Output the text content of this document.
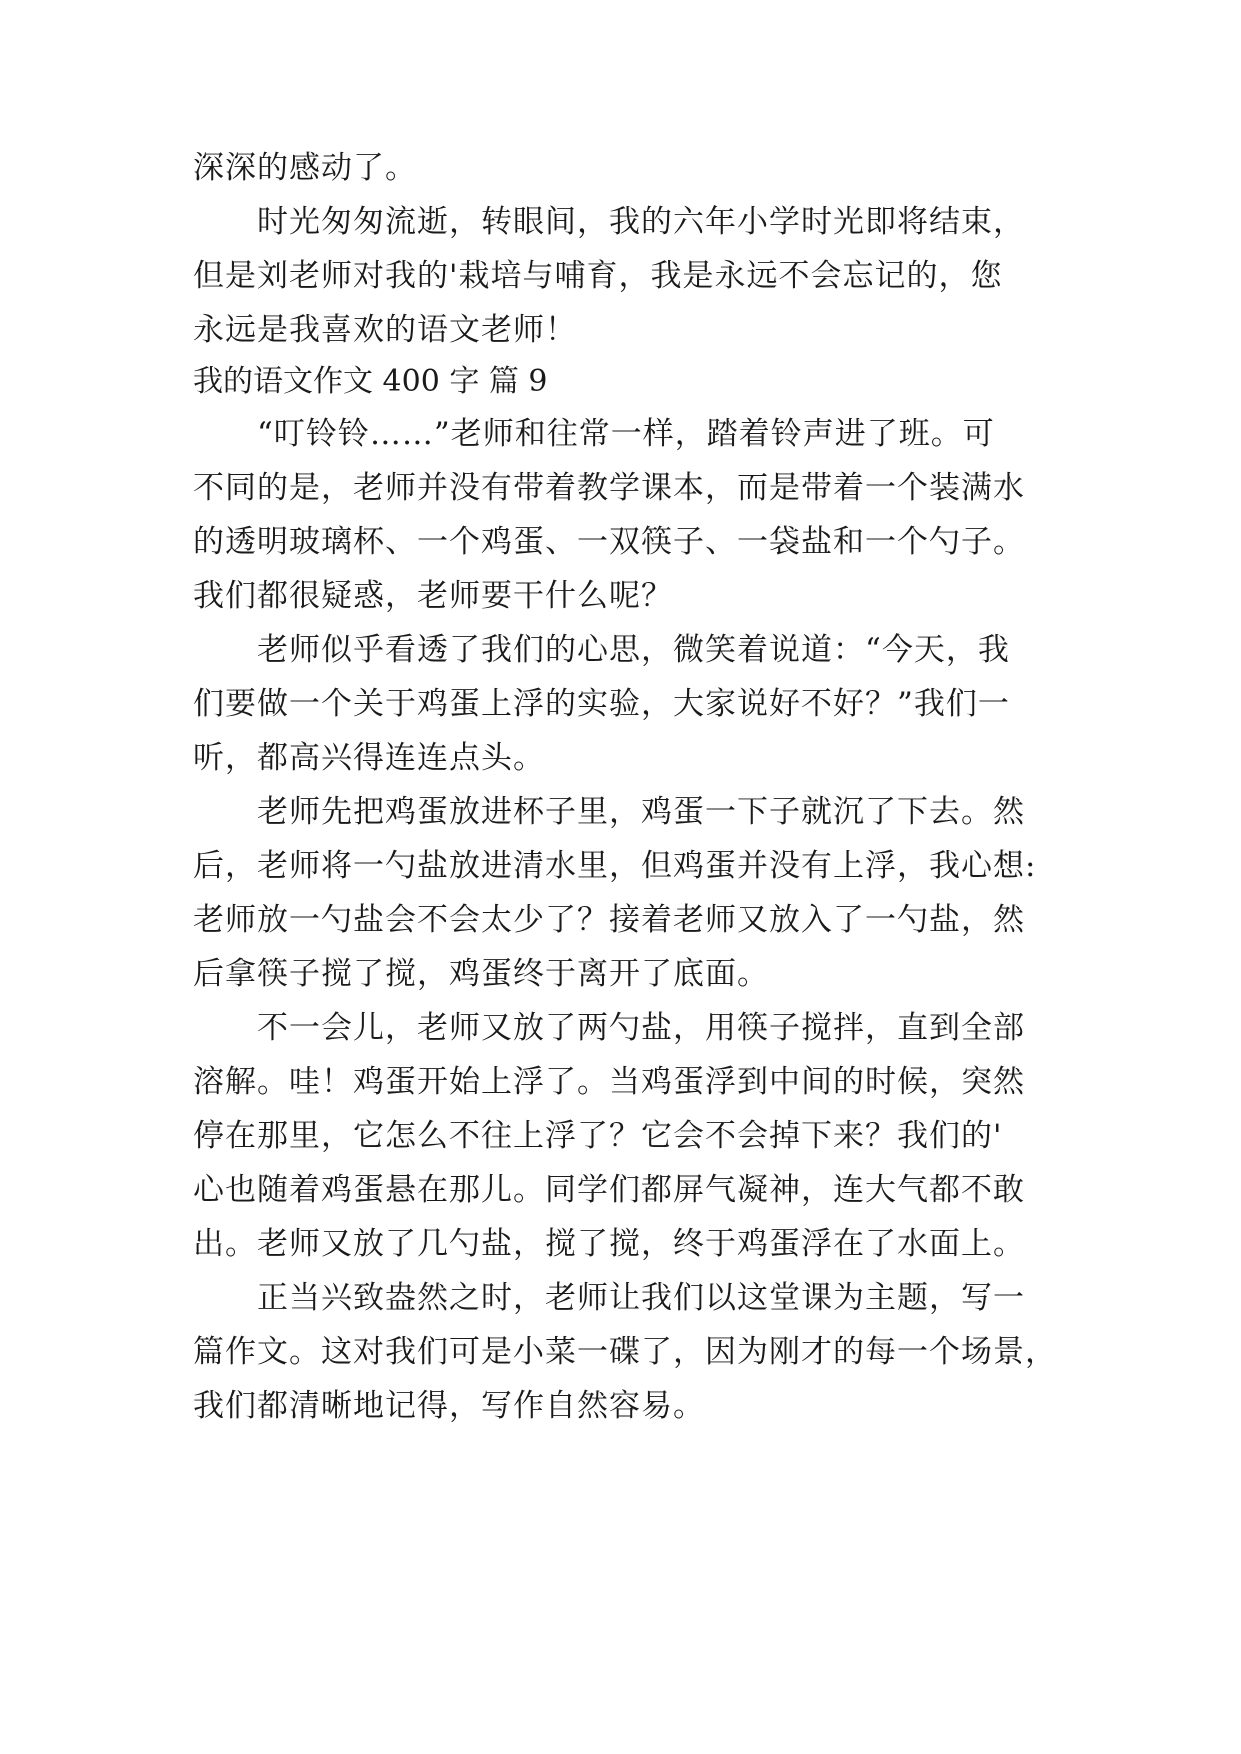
深深的感动了。
时光匆匆流逝，转眼间，我的六年小学时光即将结束，
但是刘老师对我的'栽培与哺育，我是永远不会忘记的，您
永远是我喜欢的语文老师！
我的语文作文 400 字 篇 9
“叮铃铃……”老师和往常一样，踏着铃声进了班。可
不同的是，老师并没有带着教学课本，而是带着一个装满水
的透明玻璃杯、一个鸡蛋、一双筷子、一袋盐和一个勺子。
我们都很疑惑，老师要干什么呢？
老师似乎看透了我们的心思，微笑着说道：“今天，我
们要做一个关于鸡蛋上浮的实验，大家说好不好？”我们一
听，都高兴得连连点头。
老师先把鸡蛋放进杯子里，鸡蛋一下子就沉了下去。然
后，老师将一勺盐放进清水里，但鸡蛋并没有上浮，我心想:
老师放一勺盐会不会太少了？接着老师又放入了一勺盐，然
后拿筷子搅了搅，鸡蛋终于离开了底面。
不一会儿，老师又放了两勺盐，用筷子搅拌，直到全部
溶解。哇！鸡蛋开始上浮了。当鸡蛋浮到中间的时候，突然
停在那里，它怎么不往上浮了？它会不会掉下来？我们的'
心也随着鸡蛋悬在那儿。同学们都屏气凝神，连大气都不敢
出。老师又放了几勺盐，搅了搅，终于鸡蛋浮在了水面上。
正当兴致盎然之时，老师让我们以这堂课为主题，写一
篇作文。这对我们可是小菜一碟了，因为刚才的每一个场景，
我们都清晰地记得，写作自然容易。
